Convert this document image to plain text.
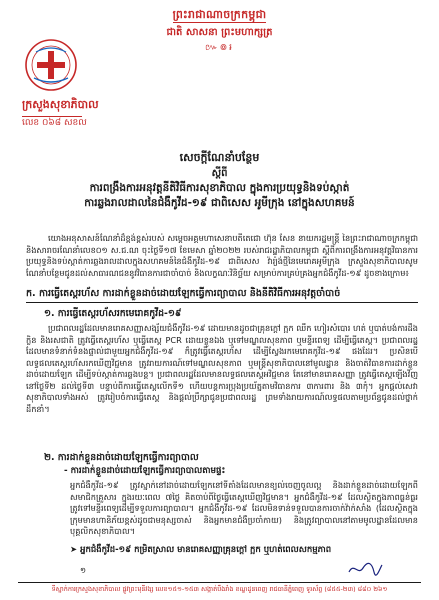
ព្រះរាជាណាចក្រកម្ពុជា
ជាតិ សាសនា ព្រះមហាក្សត្រ
៚៙៛
ក្រសួងសុខាភិបាល
លេខ ០៦៨ សខល
សេចក្ដីណែនាំបន្ថែម
ស្ដីពី
ការពង្រឹងការអនុវត្តនីតិវិធីការសុខាភិបាល ក្នុងការប្រយុទ្ធនិងទប់ស្កាត់
ការឆ្លងរាលដាលនៃជំងឺកូវីដ-១៩ ជាពិសេស អូមីក្រុង នៅក្នុងសហគមន៍
យោងអនុសាសន៍ណែនាំដ៏ខ្ពង់ខ្ពស់របស់ សម្ដេចអគ្គមហាសេនាបតីតេជោ ហ៊ុន សែន នាយករដ្ឋមន្ត្រី នៃព្រះរាជាណាចក្រកម្ពុជា និងសារាចរណែនាំលេខ០១ ស.ជ.ណ ចុះថ្ងៃទី១៧ ខែមេសា ឆ្នាំ២០២២ របស់រាជរដ្ឋាភិបាលកម្ពុជា ស្ដីពីការពង្រឹងការអនុវត្តវិធានការប្រយុទ្ធនិងទប់ស្កាត់ការឆ្លងរាលដាលក្នុងសហគមន៍នៃជំងឺកូវីដ-១៩ ជាពិសេស វ៉ារ្យ៉ង់ថ្មីនៃមេរោគអូមីក្រុង ក្រសួងសុខាភិបាលសូមណែនាំបន្ថែមជូនដល់សាធារណជននូវវិធានការជាចាំបាច់ និងលក្ខណៈវិនិច្ឆ័យ សម្រាប់ការគ្រប់គ្រងអ្នកជំងឺកូវីដ-១៩ ដូចខាងក្រោម៖
ក. ការធ្វើតេស្តរហ័ស ការដាក់ខ្លួនដាច់ដោយឡែកធ្វើការព្យាបាល និងនីតិវិធីការអនុវត្តចាំបាច់
១. ការធ្វើតេស្តរហ័សរកមេរោគកូវីដ-១៩
ប្រជាពលរដ្ឋដែលមានរោគសញ្ញាសង្ស័យជំងឺកូវីដ-១៩ ដោយមានដូចជាគ្រុនក្ដៅ ក្អក ឈឺក ហៀរសំបោរ ហត់ ឬបាត់បង់ការដឹងក្លិន និងរសជាតិ ត្រូវធ្វើតេស្តរហ័ស ឬធ្វើតេស្ត PCR ដោយខ្លួនឯង ឬទៅមណ្ឌលសុខភាព ឬមន្ទីរពេទ្យ ដើម្បីធ្វើតេស្ត។ ប្រជាពលរដ្ឋដែលមានទំនាក់ទំនងផ្ទាល់ជាមួយអ្នកជំងឺកូវីដ-១៩ ក៏ត្រូវធ្វើតេស្តរហ័ស ដើម្បីស្វែងរកមេរោគកូវីដ-១៩ ផងដែរ។ ប្រសិនបើលទ្ធផលតេស្តរហ័សរកឃើញវិជ្ជមាន ត្រូវរាយការណ៍ទៅមណ្ឌលសុខភាព ឬមន្ត្រីសុខាភិបាលនៅមូលដ្ឋាន និងចាត់វិធានការដាក់ខ្លួនដាច់ដោយឡែក ដើម្បីទប់ស្កាត់ការឆ្លងបន្ត។ ប្រជាពលរដ្ឋដែលមានលទ្ធផលតេស្តអវិជ្ជមាន តែនៅមានរោគសញ្ញា ត្រូវធ្វើតេស្តឡើងវិញនៅថ្ងៃទី២ ដល់ថ្ងៃទី៣ បន្ទាប់ពីការធ្វើតេស្តលើកទី១ ហើយបន្តការប្រុងប្រយ័ត្នតាមវិធានការ ៣ការពារ និង ៣កុំ។ អ្នកផ្ដល់សេវាសុខាភិបាលទាំងអស់ ត្រូវរៀបចំការធ្វើតេស្ត និងផ្ដល់ប្រឹក្សាជូនប្រជាពលរដ្ឋ ព្រមទាំងរាយការណ៍លទ្ធផលតាមប្រព័ន្ធជូនដល់ថ្នាក់ដឹកនាំ។
២. ការដាក់ខ្លួនដាច់ដោយឡែកធ្វើការព្យាបាល
- ការដាក់ខ្លួនដាច់ដោយឡែកធ្វើការព្យាបាលតាមផ្ទះ
អ្នកជំងឺកូវីដ-១៩ ត្រូវស្នាក់នៅដាច់ដោយឡែកនៅទីតាំងដែលមានខ្យល់ចេញចូលល្អ និងដាក់ខ្លួនដាច់ដោយឡែកពីសមាជិកគ្រួសារ ក្នុងរយៈពេល ៧ថ្ងៃ គិតចាប់ពីថ្ងៃធ្វើតេស្តឃើញវិជ្ជមាន។ អ្នកជំងឺកូវីដ-១៩ ដែលស្ថិតក្នុងភាពធ្ងន់ធ្ងរ ត្រូវទៅមន្ទីរពេទ្យដើម្បីទទួលការព្យាបាល។ អ្នកជំងឺកូវីដ-១៩ ដែលមិនទាន់ទទួលបានការចាក់វ៉ាក់សាំង (ដែលស្ថិតក្នុងក្រុមមានហានិភ័យខ្ពស់ដូចជាមនុស្សចាស់ និងអ្នកមានជំងឺប្រចាំកាយ) និងត្រូវព្យាបាលនៅតាមមូលដ្ឋានដែលមានបុគ្គលិកសុខាភិបាល។
➤ អ្នកជំងឺកូវីដ-១៩ កម្រិតស្រាល មានរោគសញ្ញាគ្រុនក្ដៅ ក្អក ឬហត់ពេលសកម្មភាព
១
ទីស្នាក់ការក្រសួងសុខាភិបាល ផ្លូវព្រះមុនីវង្ស លេខ១៥១-១៥៣ សង្កាត់បឹងរាំង ខណ្ឌដូនពេញ រាជធានីភ្នំពេញ ទូរស័ព្ទ (៨៥៥-២៣) ៨៨០ ២៦១
